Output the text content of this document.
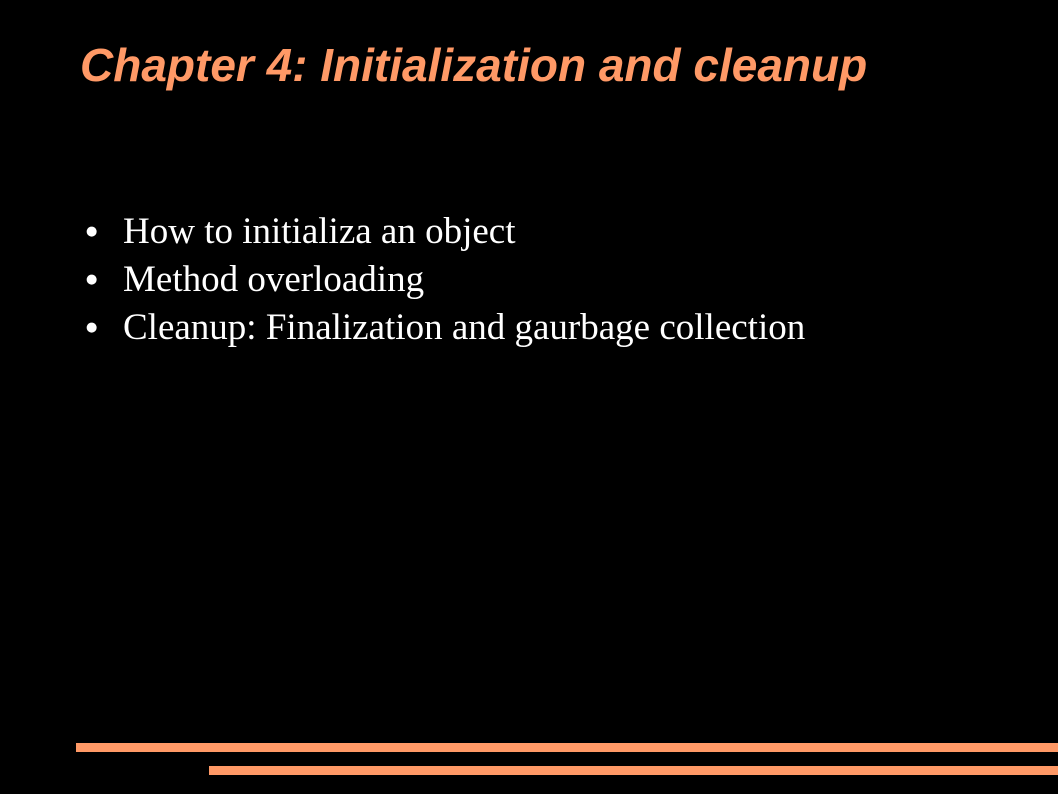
Chapter 4: Initialization and cleanup
● How to initializa an object
● Method overloading
● Cleanup: Finalization and gaurbage collection
